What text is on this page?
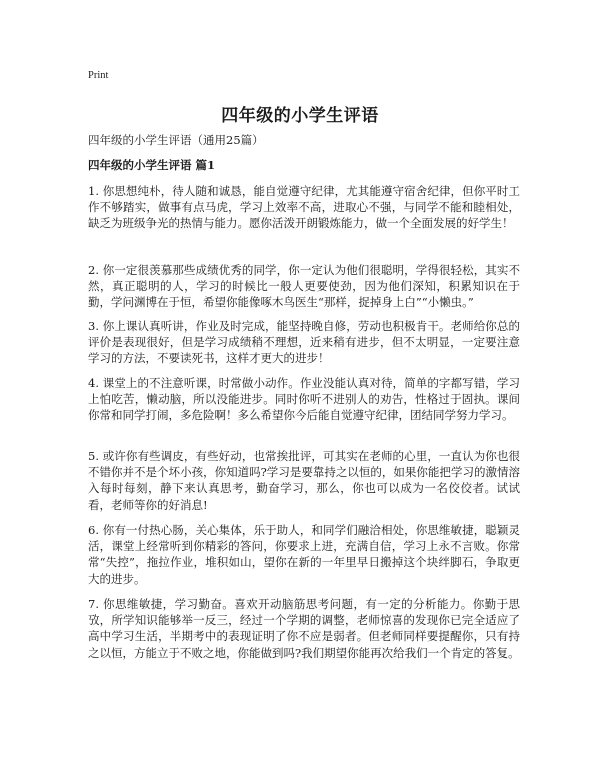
Print
四年级的小学生评语
四年级的小学生评语（通用25篇）
四年级的小学生评语 篇1

1. 你思想纯朴，待人随和诚恳，能自觉遵守纪律，尤其能遵守宿舍纪律，但你平时工作不够踏实，做事有点马虎，学习上效率不高，进取心不强，与同学不能和睦相处，缺乏为班级争光的热情与能力。愿你活泼开朗锻炼能力，做一个全面发展的好学生！

2. 你一定很羡慕那些成绩优秀的同学，你一定认为他们很聪明，学得很轻松，其实不然，真正聪明的人，学习的时候比一般人更要使劲，因为他们深知，积累知识在于勤，学问渊博在于恒，希望你能像啄木鸟医生“那样，捉掉身上白”“小懒虫。”

3. 你上课认真听讲，作业及时完成，能坚持晚自修，劳动也积极肯干。老师给你总的评价是表现很好，但是学习成绩稍不理想，近来稍有进步，但不太明显，一定要注意学习的方法，不要读死书，这样才更大的进步！

4. 课堂上的不注意听课，时常做小动作。作业没能认真对待，简单的字都写错，学习上怕吃苦，懒动脑，所以没能进步。同时你听不进别人的劝告，性格过于固执。课间你常和同学打闹，多危险啊！多么希望你今后能自觉遵守纪律，团结同学努力学习。

5. 或许你有些调皮，有些好动，也常挨批评，可其实在老师的心里，一直认为你也很不错你并不是个坏小孩，你知道吗?学习是要靠持之以恒的，如果你能把学习的激情溶入每时每刻，静下来认真思考，勤奋学习，那么，你也可以成为一名佼佼者。试试看，老师等你的好消息!

6. 你有一付热心肠，关心集体，乐于助人，和同学们融洽相处，你思维敏捷，聪颖灵活，课堂上经常听到你精彩的答问，你要求上进，充满自信，学习上永不言败。你常常“失控”，拖拉作业，堆积如山，望你在新的一年里早日搬掉这个块绊脚石，争取更大的进步。

7. 你思维敏捷，学习勤奋。喜欢开动脑筋思考问题，有一定的分析能力。你勤于思攷，所学知识能够举一反三，经过一个学期的调整，老师惊喜的发现你已完全适应了高中学习生活，半期考中的表现证明了你不应是弱者。但老师同样要提醒你，只有持之以恒，方能立于不败之地，你能做到吗?我们期望你能再次给我们一个肯定的答复。
